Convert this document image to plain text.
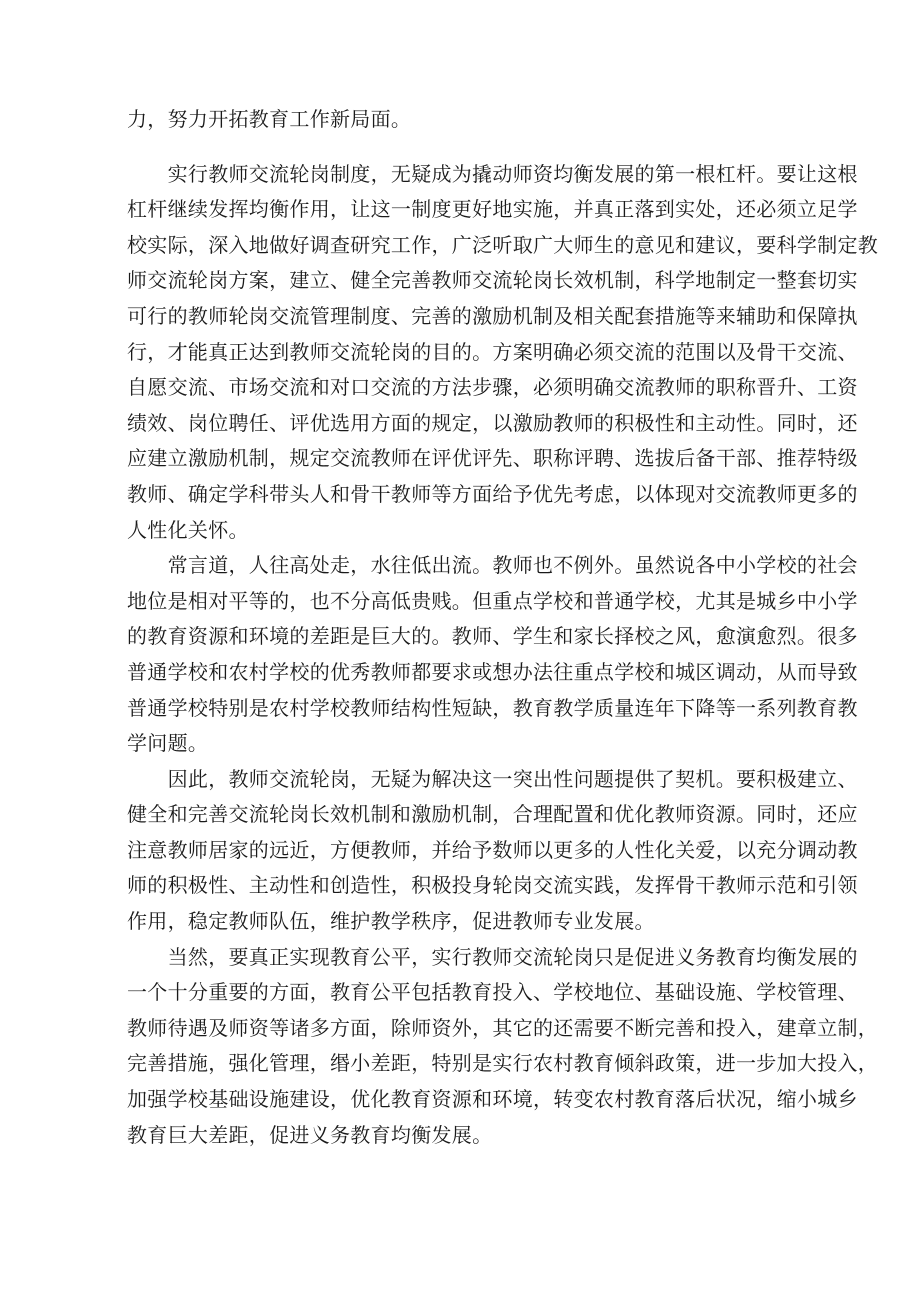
力，努力开拓教育工作新局面。
　　实行教师交流轮岗制度，无疑成为撬动师资均衡发展的第一根杠杆。要让这根
杠杆继续发挥均衡作用，让这一制度更好地实施，并真正落到实处，还必须立足学
校实际，深入地做好调查研究工作，广泛听取广大师生的意见和建议，要科学制定教
师交流轮岗方案，建立、健全完善教师交流轮岗长效机制，科学地制定一整套切实
可行的教师轮岗交流管理制度、完善的激励机制及相关配套措施等来辅助和保障执
行，才能真正达到教师交流轮岗的目的。方案明确必须交流的范围以及骨干交流、
自愿交流、市场交流和对口交流的方法步骤，必须明确交流教师的职称晋升、工资
绩效、岗位聘任、评优选用方面的规定，以激励教师的积极性和主动性。同时，还
应建立激励机制，规定交流教师在评优评先、职称评聘、选拔后备干部、推荐特级
教师、确定学科带头人和骨干教师等方面给予优先考虑，以体现对交流教师更多的
人性化关怀。
　　常言道，人往高处走，水往低出流。教师也不例外。虽然说各中小学校的社会
地位是相对平等的，也不分高低贵贱。但重点学校和普通学校，尤其是城乡中小学
的教育资源和环境的差距是巨大的。教师、学生和家长择校之风，愈演愈烈。很多
普通学校和农村学校的优秀教师都要求或想办法往重点学校和城区调动，从而导致
普通学校特别是农村学校教师结构性短缺，教育教学质量连年下降等一系列教育教
学问题。
　　因此，教师交流轮岗，无疑为解决这一突出性问题提供了契机。要积极建立、
健全和完善交流轮岗长效机制和激励机制，合理配置和优化教师资源。同时，还应
注意教师居家的远近，方便教师，并给予数师以更多的人性化关爱，以充分调动教
师的积极性、主动性和创造性，积极投身轮岗交流实践，发挥骨干教师示范和引领
作用，稳定教师队伍，维护教学秩序，促进教师专业发展。
　　当然，要真正实现教育公平，实行教师交流轮岗只是促进义务教育均衡发展的
一个十分重要的方面，教育公平包括教育投入、学校地位、基础设施、学校管理、
教师待遇及师资等诸多方面，除师资外，其它的还需要不断完善和投入，建章立制，
完善措施，强化管理，缗小差距，特别是实行农村教育倾斜政策，进一步加大投入，
加强学校基础设施建设，优化教育资源和环境，转变农村教育落后状况，缩小城乡
教育巨大差距，促进义务教育均衡发展。
